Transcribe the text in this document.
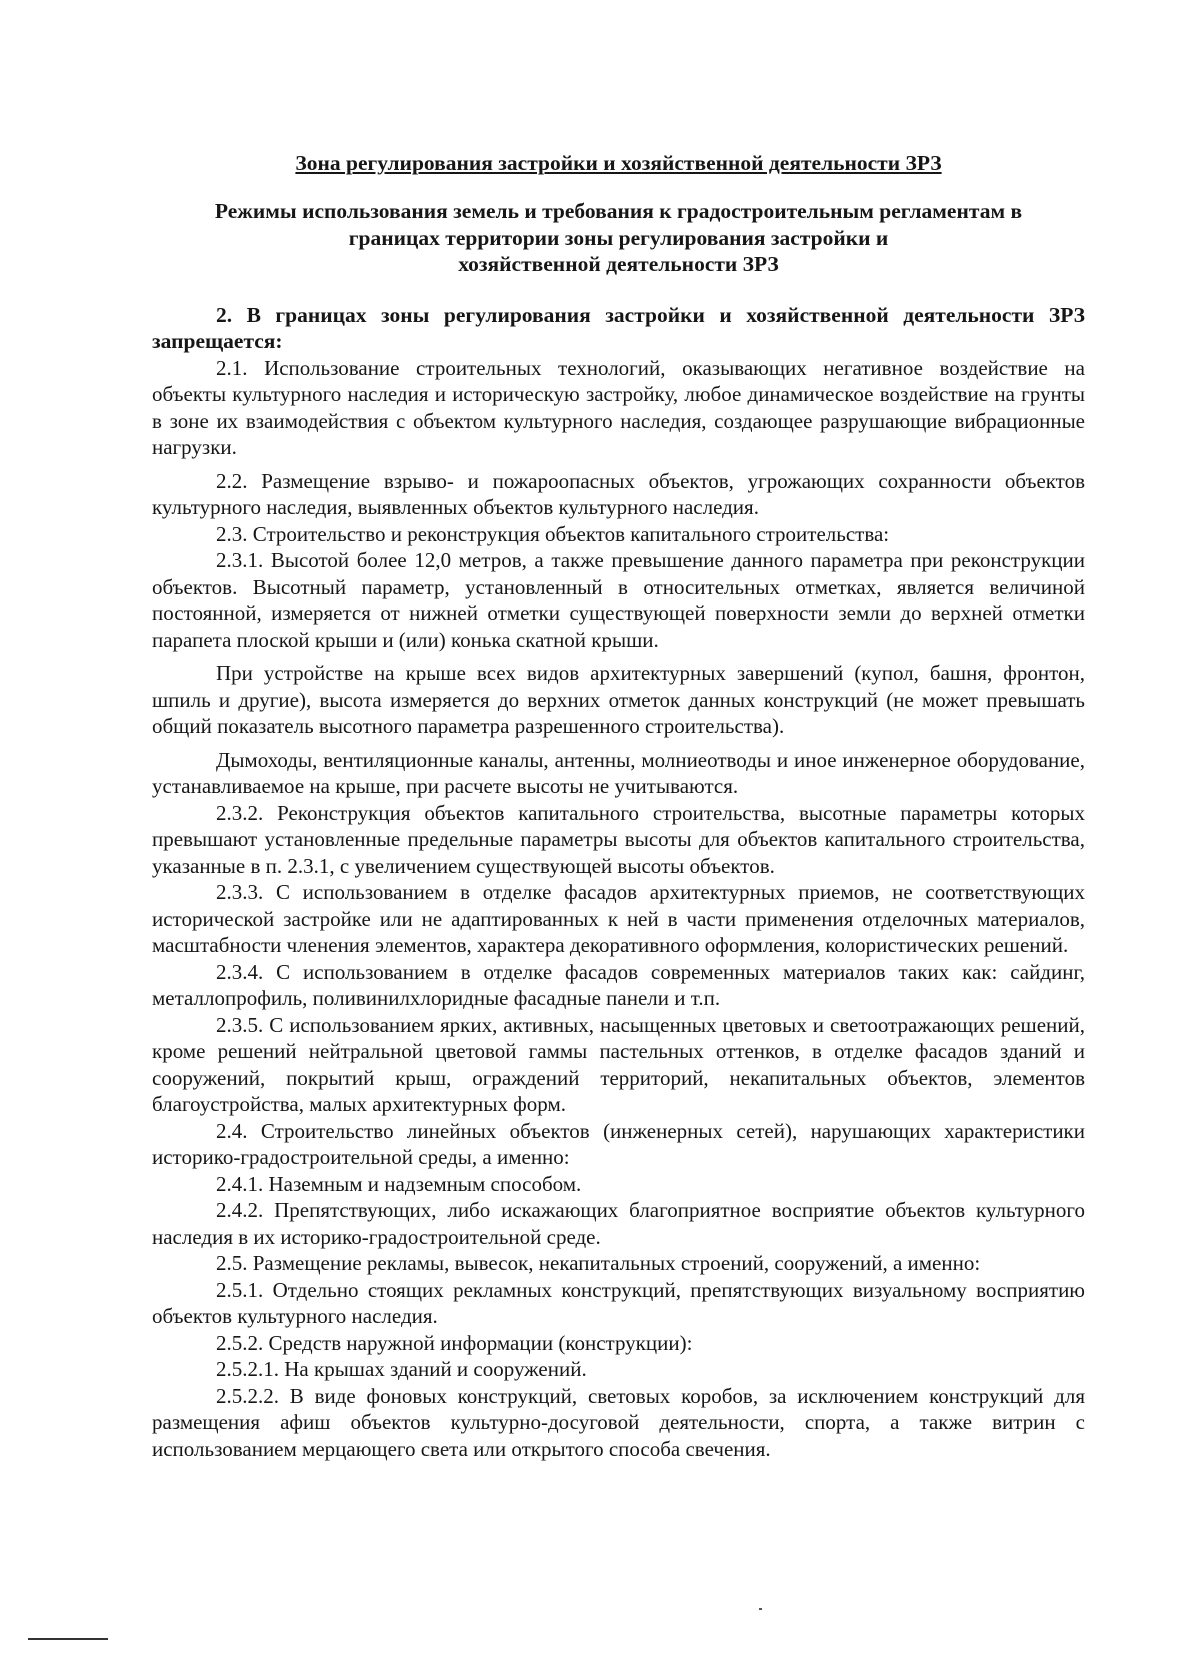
Зона регулирования застройки и хозяйственной деятельности ЗРЗ
Режимы использования земель и требования к градостроительным регламентам в
границах территории зоны регулирования застройки и
хозяйственной деятельности ЗРЗ

2. В границах зоны регулирования застройки и хозяйственной деятельности ЗРЗ запрещается:

2.1. Использование строительных технологий, оказывающих негативное воздействие на объекты культурного наследия и историческую застройку, любое динамическое воздействие на грунты в зоне их взаимодействия с объектом культурного наследия, создающее разрушающие вибрационные нагрузки.

2.2. Размещение взрыво- и пожароопасных объектов, угрожающих сохранности объектов культурного наследия, выявленных объектов культурного наследия.

2.3. Строительство и реконструкция объектов капитального строительства:

2.3.1. Высотой более 12,0 метров, а также превышение данного параметра при реконструкции объектов. Высотный параметр, установленный в относительных отметках, является величиной постоянной, измеряется от нижней отметки существующей поверхности земли до верхней отметки парапета плоской крыши и (или) конька скатной крыши.

При устройстве на крыше всех видов архитектурных завершений (купол, башня, фронтон, шпиль и другие), высота измеряется до верхних отметок данных конструкций (не может превышать общий показатель высотного параметра разрешенного строительства).

Дымоходы, вентиляционные каналы, антенны, молниеотводы и иное инженерное оборудование, устанавливаемое на крыше, при расчете высоты не учитываются.

2.3.2. Реконструкция объектов капитального строительства, высотные параметры которых превышают установленные предельные параметры высоты для объектов капитального строительства, указанные в п. 2.3.1, с увеличением существующей высоты объектов.

2.3.3. С использованием в отделке фасадов архитектурных приемов, не соответствующих исторической застройке или не адаптированных к ней в части применения отделочных материалов, масштабности членения элементов, характера декоративного оформления, колористических решений.

2.3.4. С использованием в отделке фасадов современных материалов таких как: сайдинг, металлопрофиль, поливинилхлоридные фасадные панели и т.п.

2.3.5. С использованием ярких, активных, насыщенных цветовых и светоотражающих решений, кроме решений нейтральной цветовой гаммы пастельных оттенков, в отделке фасадов зданий и сооружений, покрытий крыш, ограждений территорий, некапитальных объектов, элементов благоустройства, малых архитектурных форм.

2.4. Строительство линейных объектов (инженерных сетей), нарушающих характеристики историко-градостроительной среды, а именно:

2.4.1. Наземным и надземным способом.

2.4.2. Препятствующих, либо искажающих благоприятное восприятие объектов культурного наследия в их историко-градостроительной среде.

2.5. Размещение рекламы, вывесок, некапитальных строений, сооружений, а именно:

2.5.1. Отдельно стоящих рекламных конструкций, препятствующих визуальному восприятию объектов культурного наследия.

2.5.2. Средств наружной информации (конструкции):

2.5.2.1. На крышах зданий и сооружений.

2.5.2.2. В виде фоновых конструкций, световых коробов, за исключением конструкций для размещения афиш объектов культурно-досуговой деятельности, спорта, а также витрин с использованием мерцающего света или открытого способа свечения.
